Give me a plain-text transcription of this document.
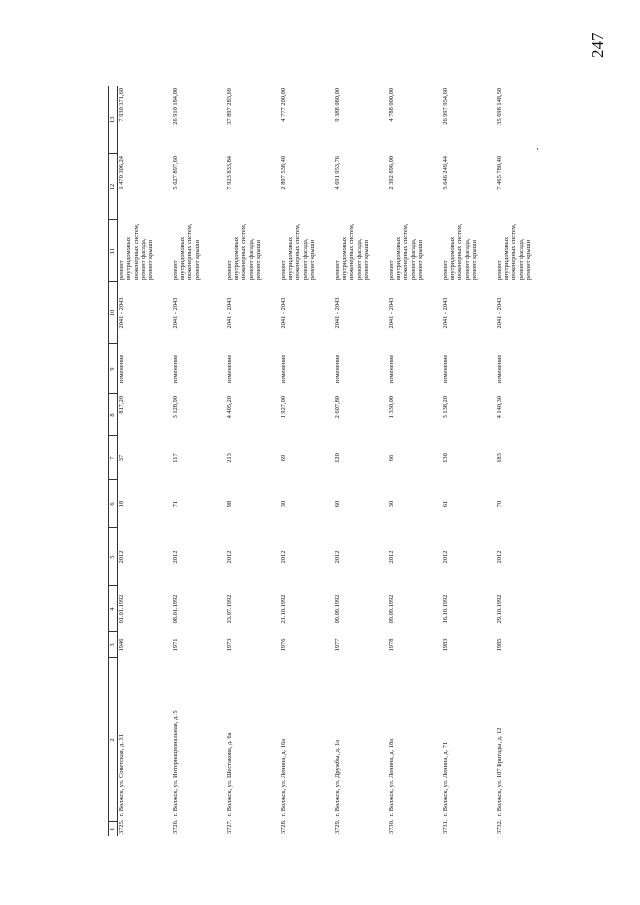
247
1	2	3	4	5	6	7	8	9	10	11	12	13
3725.  г. Волжск, ул. Советская, д. 31		1946	01.01.1992	2012	18	37	817,20	изменение	2041 - 2043	ремонт внутридомовых инженерных систем, ремонт фасада, ремонт крыши	1 470 306,24	7 930 371,60
3726.  г. Волжск, ул. Интернациональная, д. 5		1971	08.01.1992	2012	71	117	3 128,90	изменение	2041 - 2043	ремонт внутридомовых инженерных систем, ремонт крыши	5 627 897,60	26 910 184,00
3727.  г. Волжск, ул. Шестакова, д. 6а		1973	23.07.1992	2012	98	213	4 405,20	изменение	2041 - 2043	ремонт внутридомовых инженерных систем, ремонт фасада, ремонт крыши	7 923 833,84	37 897 283,69
3728.  г. Волжск, ул. Ленина, д. 16а		1976	21.10.1992	2012	30	69	1 927,00	изменение	2041 - 2043	ремонт внутридомовых инженерных систем, ремонт фасада, ремонт крыши	2 897 538,40	4 777 200,00
3729.  г. Волжск, ул. Дружбы, д. 1а		1977	09.09.1992	2012	60	120	2 607,80	изменение	2041 - 2043	ремонт внутридомовых инженерных систем, ремонт фасада, ремонт крыши	4 691 953,76	9 388 080,00
3730.  г. Волжск, ул. Ленина, д. 18а		1978	09.09.1992	2012	30	66	1 330,00	изменение	2041 - 2043	ремонт внутридомовых инженерных систем, ремонт фасада, ремонт крыши	2 392 896,00	4 788 000,00
3731.  г. Волжск, ул. Ленина, д. 71		1983	16.10.1992	2012	61	130	3 138,20	изменение	2041 - 2043	ремонт внутридомовых инженерных систем, ремонт фасада, ремонт крыши	5 646 249,44	26 997 954,60
3732.  г. Волжск, ул. 107 Бригады, д. 12		1985	29.10.1992	2012	70	183	4 140,30	изменение	2041 - 2043	ремонт внутридомовых инженерных систем, ремонт фасада, ремонт крыши	7 465 780,40	35 698 148,50
